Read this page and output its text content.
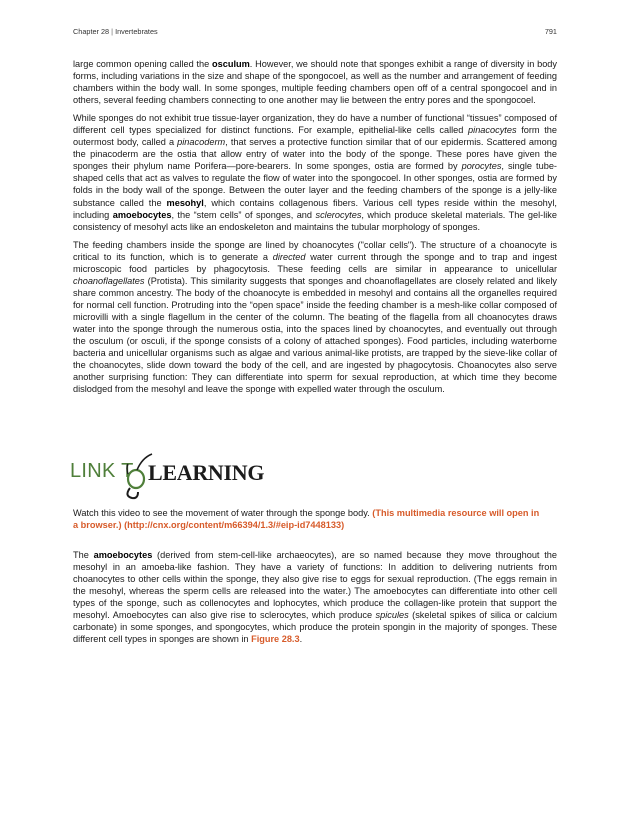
Chapter 28 | Invertebrates	791

large common opening called the osculum. However, we should note that sponges exhibit a range of diversity in body forms, including variations in the size and shape of the spongocoel, as well as the number and arrangement of feeding chambers within the body wall. In some sponges, multiple feeding chambers open off of a central spongocoel and in others, several feeding chambers connecting to one another may lie between the entry pores and the spongocoel.

While sponges do not exhibit true tissue-layer organization, they do have a number of functional “tissues” composed of different cell types specialized for distinct functions. For example, epithelial-like cells called pinacocytes form the outermost body, called a pinacoderm, that serves a protective function similar that of our epidermis. Scattered among the pinacoderm are the ostia that allow entry of water into the body of the sponge. These pores have given the sponges their phylum name Porifera—pore-bearers. In some sponges, ostia are formed by porocytes, single tube-shaped cells that act as valves to regulate the flow of water into the spongocoel. In other sponges, ostia are formed by folds in the body wall of the sponge. Between the outer layer and the feeding chambers of the sponge is a jelly-like substance called the mesohyl, which contains collagenous fibers. Various cell types reside within the mesohyl, including amoebocytes, the “stem cells” of sponges, and sclerocytes, which produce skeletal materials. The gel-like consistency of mesohyl acts like an endoskeleton and maintains the tubular morphology of sponges.

The feeding chambers inside the sponge are lined by choanocytes ("collar cells"). The structure of a choanocyte is critical to its function, which is to generate a directed water current through the sponge and to trap and ingest microscopic food particles by phagocytosis. These feeding cells are similar in appearance to unicellular choanoflagellates (Protista). This similarity suggests that sponges and choanoflagellates are closely related and likely share common ancestry. The body of the choanocyte is embedded in mesohyl and contains all the organelles required for normal cell function. Protruding into the “open space” inside the feeding chamber is a mesh-like collar composed of microvilli with a single flagellum in the center of the column. The beating of the flagella from all choanocytes draws water into the sponge through the numerous ostia, into the spaces lined by choanocytes, and eventually out through the osculum (or osculi, if the sponge consists of a colony of attached sponges). Food particles, including waterborne bacteria and unicellular organisms such as algae and various animal-like protists, are trapped by the sieve-like collar of the choanocytes, slide down toward the body of the cell, and are ingested by phagocytosis. Choanocytes also serve another surprising function: They can differentiate into sperm for sexual reproduction, at which time they become dislodged from the mesohyl and leave the sponge with expelled water through the osculum.

LINK T LEARNING
Watch this video to see the movement of water through the sponge body. (This multimedia resource will open in a browser.) (http://cnx.org/content/m66394/1.3/#eip-id7448133)

The amoebocytes (derived from stem-cell-like archaeocytes), are so named because they move throughout the mesohyl in an amoeba-like fashion. They have a variety of functions: In addition to delivering nutrients from choanocytes to other cells within the sponge, they also give rise to eggs for sexual reproduction. (The eggs remain in the mesohyl, whereas the sperm cells are released into the water.) The amoebocytes can differentiate into other cell types of the sponge, such as collenocytes and lophocytes, which produce the collagen-like protein that support the mesohyl. Amoebocytes can also give rise to sclerocytes, which produce spicules (skeletal spikes of silica or calcium carbonate) in some sponges, and spongocytes, which produce the protein spongin in the majority of sponges. These different cell types in sponges are shown in Figure 28.3.
